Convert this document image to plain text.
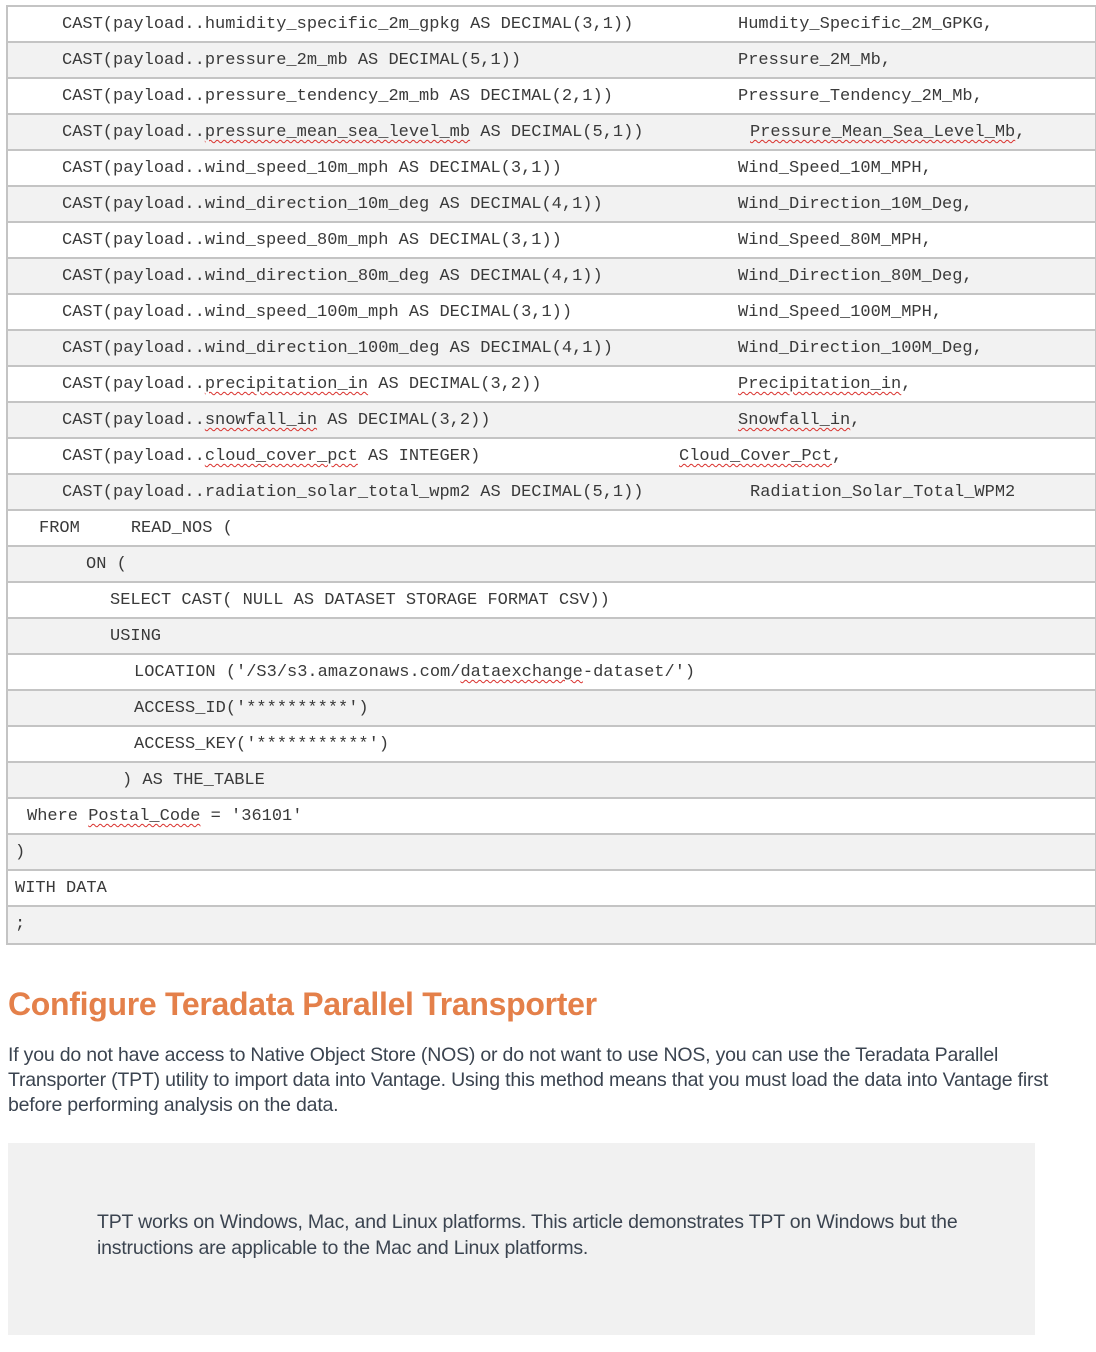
CAST(payload..humidity_specific_2m_gpkg AS DECIMAL(3,1))	Humdity_Specific_2M_GPKG,
CAST(payload..pressure_2m_mb AS DECIMAL(5,1))	Pressure_2M_Mb,
CAST(payload..pressure_tendency_2m_mb AS DECIMAL(2,1))	Pressure_Tendency_2M_Mb,
CAST(payload..pressure_mean_sea_level_mb AS DECIMAL(5,1))	Pressure_Mean_Sea_Level_Mb,
CAST(payload..wind_speed_10m_mph AS DECIMAL(3,1))	Wind_Speed_10M_MPH,
CAST(payload..wind_direction_10m_deg AS DECIMAL(4,1))	Wind_Direction_10M_Deg,
CAST(payload..wind_speed_80m_mph AS DECIMAL(3,1))	Wind_Speed_80M_MPH,
CAST(payload..wind_direction_80m_deg AS DECIMAL(4,1))	Wind_Direction_80M_Deg,
CAST(payload..wind_speed_100m_mph AS DECIMAL(3,1))	Wind_Speed_100M_MPH,
CAST(payload..wind_direction_100m_deg AS DECIMAL(4,1))	Wind_Direction_100M_Deg,
CAST(payload..precipitation_in AS DECIMAL(3,2))	Precipitation_in,
CAST(payload..snowfall_in AS DECIMAL(3,2))	Snowfall_in,
CAST(payload..cloud_cover_pct AS INTEGER)	Cloud_Cover_Pct,
CAST(payload..radiation_solar_total_wpm2 AS DECIMAL(5,1))	Radiation_Solar_Total_WPM2
FROM     READ_NOS (
ON (
SELECT CAST( NULL AS DATASET STORAGE FORMAT CSV))
USING
LOCATION ('/S3/s3.amazonaws.com/dataexchange-dataset/')
ACCESS_ID('**********')
ACCESS_KEY('***********')
) AS THE_TABLE
Where Postal_Code = '36101'
)
WITH DATA
;
Configure Teradata Parallel Transporter

If you do not have access to Native Object Store (NOS) or do not want to use NOS, you can use the Teradata Parallel Transporter (TPT) utility to import data into Vantage. Using this method means that you must load the data into Vantage first before performing analysis on the data.

TPT works on Windows, Mac, and Linux platforms. This article demonstrates TPT on Windows but the instructions are applicable to the Mac and Linux platforms.
